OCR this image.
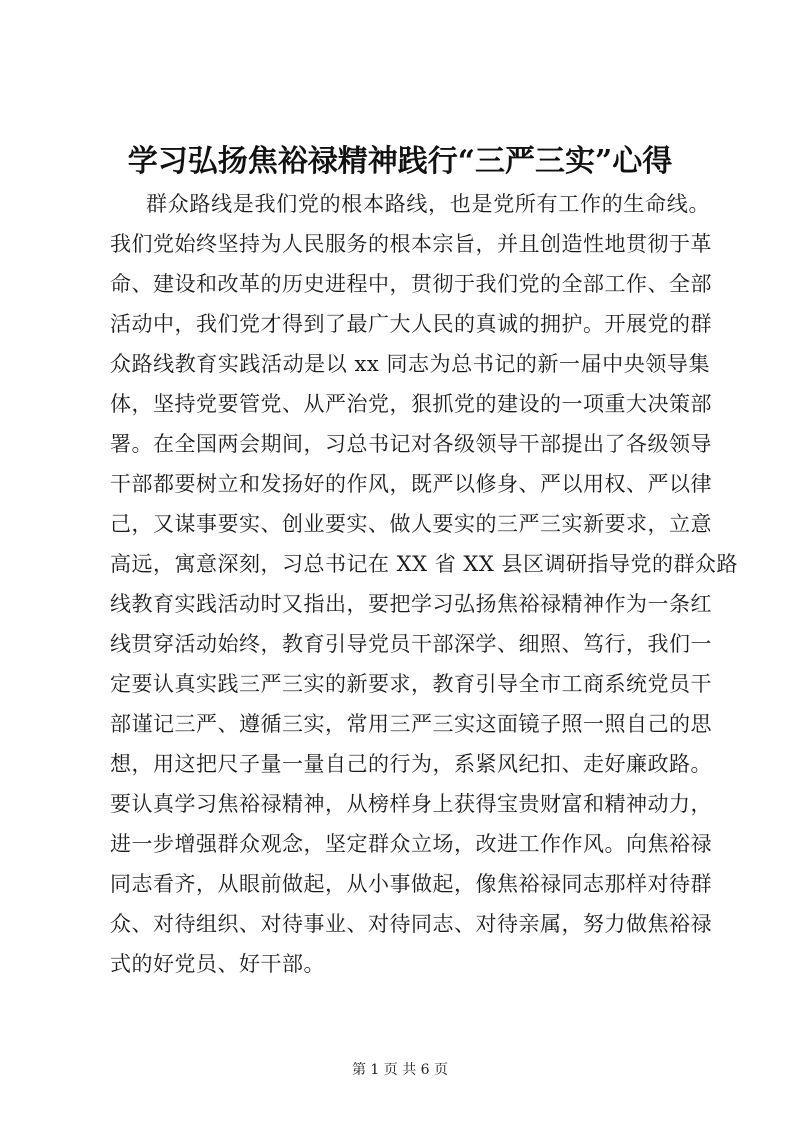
学习弘扬焦裕禄精神践行“三严三实”心得
群众路线是我们党的根本路线，也是党所有工作的生命线。
我们党始终坚持为人民服务的根本宗旨，并且创造性地贯彻于革
命、建设和改革的历史进程中，贯彻于我们党的全部工作、全部
活动中，我们党才得到了最广大人民的真诚的拥护。开展党的群
众路线教育实践活动是以 xx 同志为总书记的新一届中央领导集
体，坚持党要管党、从严治党，狠抓党的建设的一项重大决策部
署。在全国两会期间，习总书记对各级领导干部提出了各级领导
干部都要树立和发扬好的作风，既严以修身、严以用权、严以律
己，又谋事要实、创业要实、做人要实的三严三实新要求，立意
高远，寓意深刻，习总书记在 XX 省 XX 县区调研指导党的群众路
线教育实践活动时又指出，要把学习弘扬焦裕禄精神作为一条红
线贯穿活动始终，教育引导党员干部深学、细照、笃行，我们一
定要认真实践三严三实的新要求，教育引导全市工商系统党员干
部谨记三严、遵循三实，常用三严三实这面镜子照一照自己的思
想，用这把尺子量一量自己的行为，系紧风纪扣、走好廉政路。
要认真学习焦裕禄精神，从榜样身上获得宝贵财富和精神动力，
进一步增强群众观念，坚定群众立场，改进工作作风。向焦裕禄
同志看齐，从眼前做起，从小事做起，像焦裕禄同志那样对待群
众、对待组织、对待事业、对待同志、对待亲属，努力做焦裕禄
式的好党员、好干部。
第 1 页 共 6 页
